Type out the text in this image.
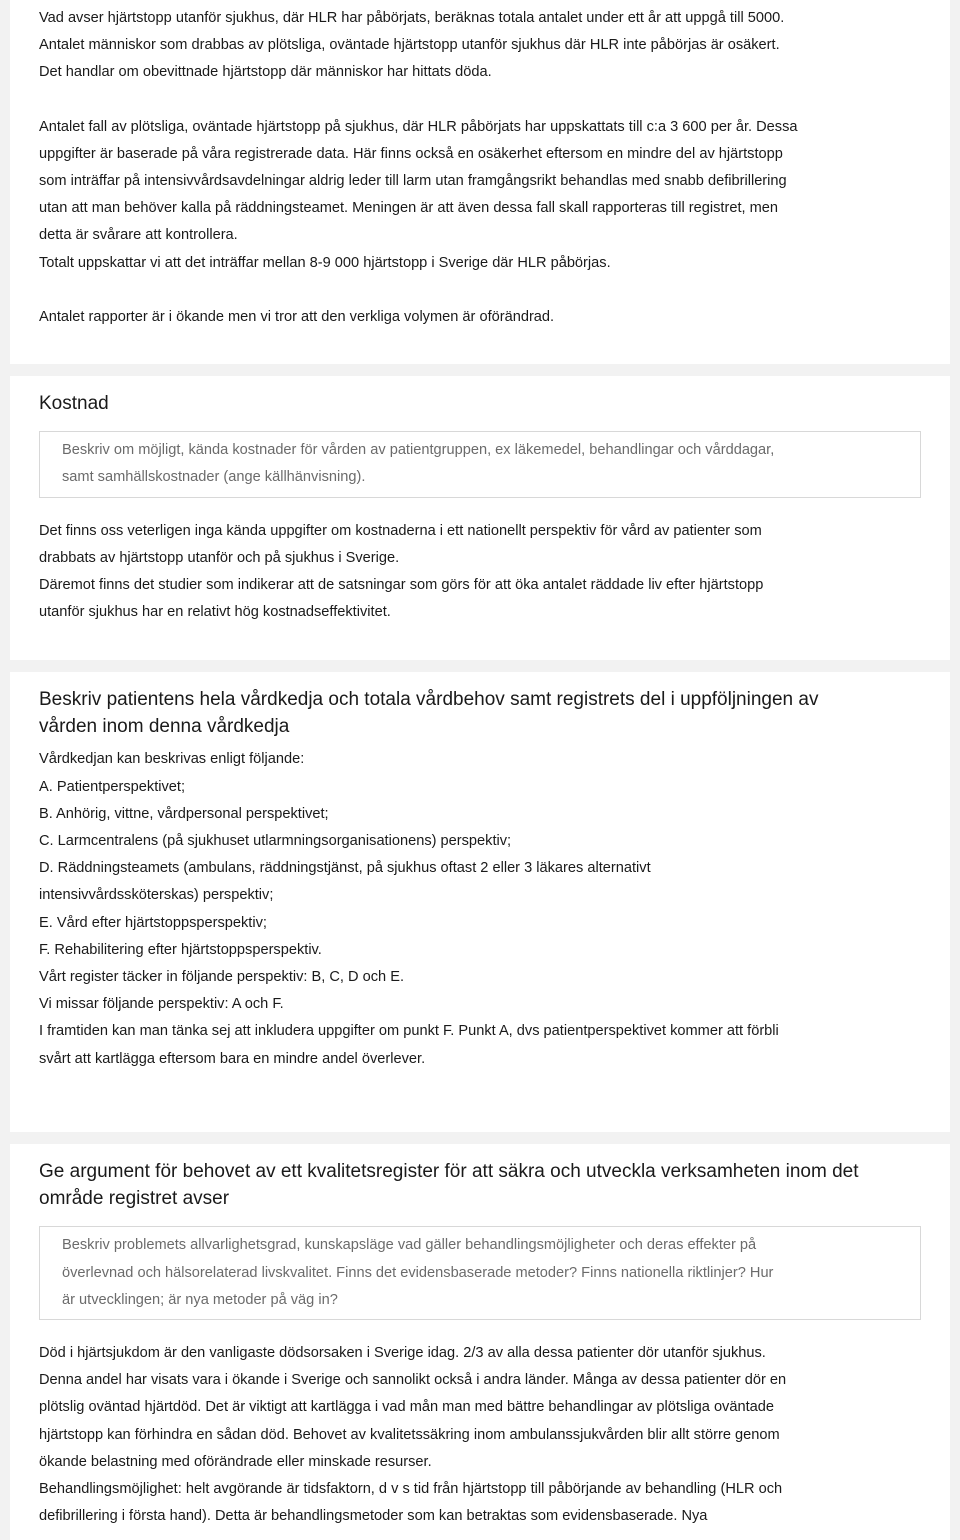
Vad avser hjärtstopp utanför sjukhus, där HLR har påbörjats, beräknas totala antalet under ett år att uppgå till 5000.

Antalet människor som drabbas av plötsliga, oväntade hjärtstopp utanför sjukhus där HLR inte påbörjas är osäkert.

Det handlar om obevittnade hjärtstopp där människor har hittats döda.

Antalet fall av plötsliga, oväntade hjärtstopp på sjukhus, där HLR påbörjats har uppskattats till c:a 3 600 per år. Dessa

uppgifter är baserade på våra registrerade data. Här finns också en osäkerhet eftersom en mindre del av hjärtstopp

som inträffar på intensivvårdsavdelningar aldrig leder till larm utan framgångsrikt behandlas med snabb defibrillering

utan att man behöver kalla på räddningsteamet. Meningen är att även dessa fall skall rapporteras till registret, men

detta är svårare att kontrollera.

Totalt uppskattar vi att det inträffar mellan 8-9 000 hjärtstopp i Sverige där HLR påbörjas.

Antalet rapporter är i ökande men vi tror att den verkliga volymen är oförändrad.

Kostnad

Beskriv om möjligt, kända kostnader för vården av patientgruppen, ex läkemedel, behandlingar och vårddagar,

samt samhällskostnader (ange källhänvisning).

Det finns oss veterligen inga kända uppgifter om kostnaderna i ett nationellt perspektiv för vård av patienter som

drabbats av hjärtstopp utanför och på sjukhus i Sverige.

Däremot finns det studier som indikerar att de satsningar som görs för att öka antalet räddade liv efter hjärtstopp

utanför sjukhus har en relativt hög kostnadseffektivitet.

Beskriv patientens hela vårdkedja och totala vårdbehov samt registrets del i uppföljningen av
vården inom denna vårdkedja

Vårdkedjan kan beskrivas enligt följande:

A. Patientperspektivet;

B. Anhörig, vittne, vårdpersonal perspektivet;

C. Larmcentralens (på sjukhuset utlarmningsorganisationens) perspektiv;

D. Räddningsteamets (ambulans, räddningstjänst, på sjukhus oftast 2 eller 3 läkares alternativt

intensivvårdssköterskas) perspektiv;

E. Vård efter hjärtstoppsperspektiv;

F. Rehabilitering efter hjärtstoppsperspektiv.

Vårt register täcker in följande perspektiv: B, C, D och E.

Vi missar följande perspektiv: A och F.

I framtiden kan man tänka sej att inkludera uppgifter om punkt F. Punkt A, dvs patientperspektivet kommer att förbli

svårt att kartlägga eftersom bara en mindre andel överlever.

Ge argument för behovet av ett kvalitetsregister för att säkra och utveckla verksamheten inom det
område registret avser

Beskriv problemets allvarlighetsgrad, kunskapsläge vad gäller behandlingsmöjligheter och deras effekter på

överlevnad och hälsorelaterad livskvalitet. Finns det evidensbaserade metoder? Finns nationella riktlinjer? Hur

är utvecklingen; är nya metoder på väg in?

Död i hjärtsjukdom är den vanligaste dödsorsaken i Sverige idag. 2/3 av alla dessa patienter dör utanför sjukhus.

Denna andel har visats vara i ökande i Sverige och sannolikt också i andra länder. Många av dessa patienter dör en

plötslig oväntad hjärtdöd. Det är viktigt att kartlägga i vad mån man med bättre behandlingar av plötsliga oväntade

hjärtstopp kan förhindra en sådan död. Behovet av kvalitetssäkring inom ambulanssjukvården blir allt större genom

ökande belastning med oförändrade eller minskade resurser.

Behandlingsmöjlighet: helt avgörande är tidsfaktorn, d v s tid från hjärtstopp till påbörjande av behandling (HLR och

defibrillering i första hand). Detta är behandlingsmetoder som kan betraktas som evidensbaserade. Nya
